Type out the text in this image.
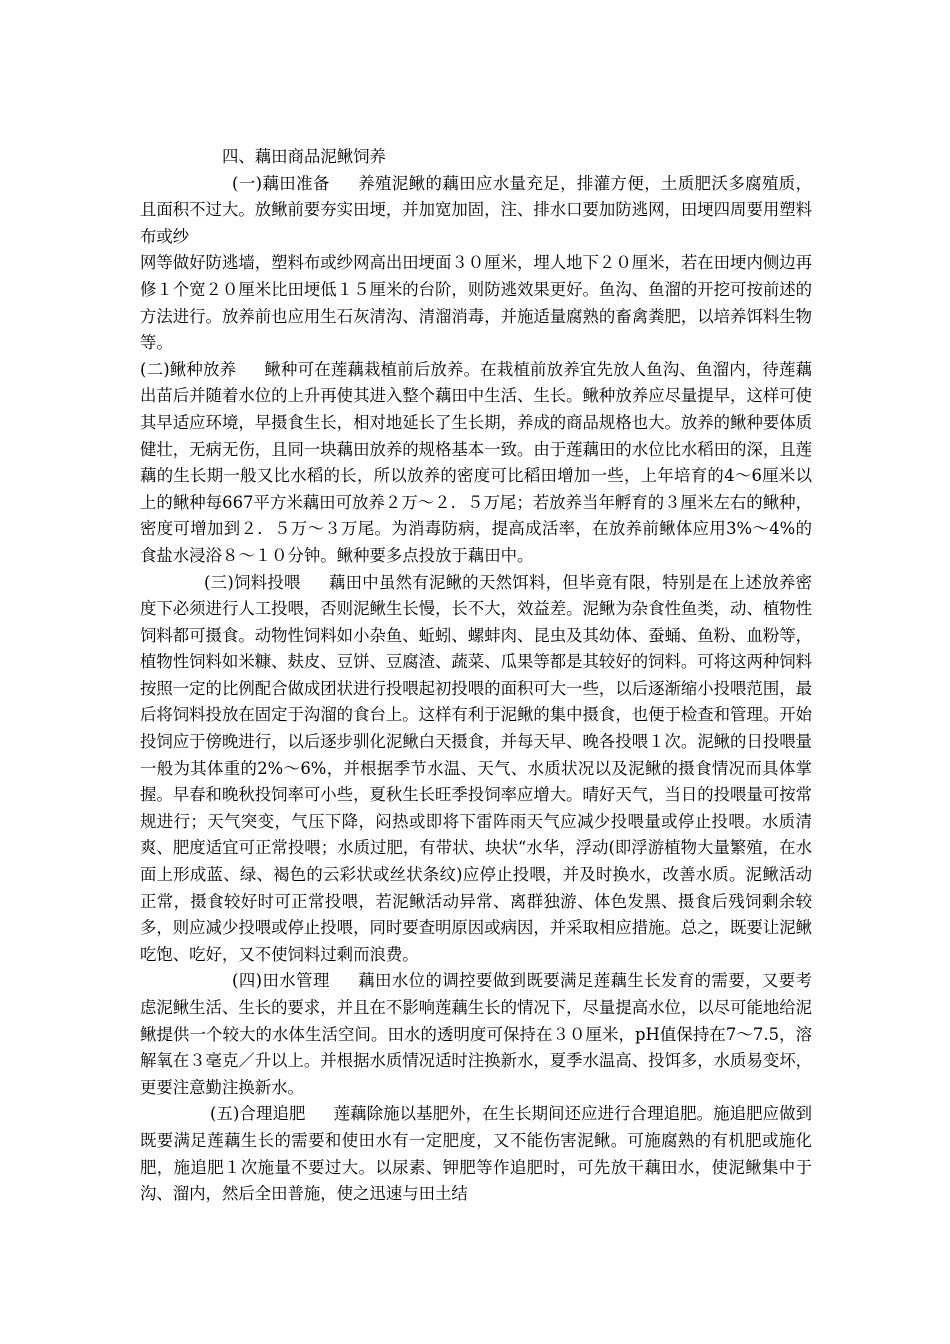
四、藕田商品泥鳅饲养

(一)藕田准备 养殖泥鳅的藕田应水量充足，排灌方便，土质肥沃多腐殖质，且面积不过大。放鳅前要夯实田埂，并加宽加固，注、排水口要加防逃网，田埂四周要用塑料布或纱

网等做好防逃墙，塑料布或纱网高出田埂面３０厘米，埋人地下２０厘米，若在田埂内侧边再修１个宽２０厘米比田埂低１５厘米的台阶，则防逃效果更好。鱼沟、鱼溜的开挖可按前述的方法进行。放养前也应用生石灰清沟、清溜消毒，并施适量腐熟的畜禽粪肥，以培养饵料生物等。

(二)鳅种放养 鳅种可在莲藕栽植前后放养。在栽植前放养宜先放人鱼沟、鱼溜内，待莲藕出苗后并随着水位的上升再使其进入整个藕田中生活、生长。鳅种放养应尽量提早，这样可使其早适应环境，早摄食生长，相对地延长了生长期，养成的商品规格也大。放养的鳅种要体质健壮，无病无伤，且同一块藕田放养的规格基本一致。由于莲藕田的水位比水稻田的深，且莲藕的生长期一般又比水稻的长，所以放养的密度可比稻田增加一些，上年培育的4～6厘米以上的鳅种每667平方米藕田可放养２万～２．５万尾；若放养当年孵育的３厘米左右的鳅种，密度可增加到２．５万～３万尾。为消毒防病，提高成活率，在放养前鳅体应用3%～4%的食盐水浸浴８～１０分钟。鳅种要多点投放于藕田中。

(三)饲料投喂 藕田中虽然有泥鳅的天然饵料，但毕竟有限，特别是在上述放养密度下必须进行人工投喂，否则泥鳅生长慢，长不大，效益差。泥鳅为杂食性鱼类，动、植物性饲料都可摄食。动物性饲料如小杂鱼、蚯蚓、螺蚌肉、昆虫及其幼体、蚕蛹、鱼粉、血粉等，植物性饲料如米糠、麸皮、豆饼、豆腐渣、蔬菜、瓜果等都是其较好的饲料。可将这两种饲料按照一定的比例配合做成团状进行投喂起初投喂的面积可大一些，以后逐渐缩小投喂范围，最后将饲料投放在固定于沟溜的食台上。这样有利于泥鳅的集中摄食，也便于检查和管理。开始投饲应于傍晚进行，以后逐步驯化泥鳅白天摄食，并每天早、晚各投喂１次。泥鳅的日投喂量一般为其体重的2%～6%，并根据季节水温、天气、水质状况以及泥鳅的摄食情况而具体掌握。早春和晚秋投饲率可小些，夏秋生长旺季投饲率应增大。晴好天气，当日的投喂量可按常规进行；天气突变，气压下降，闷热或即将下雷阵雨天气应减少投喂量或停止投喂。水质清爽、肥度适宜可正常投喂；水质过肥，有带状、块状“水华，浮动(即浮游植物大量繁殖，在水面上形成蓝、绿、褐色的云彩状或丝状条纹)应停止投喂，并及时换水，改善水质。泥鳅活动正常，摄食较好时可正常投喂，若泥鳅活动异常、离群独游、体色发黑、摄食后残饲剩余较多，则应减少投喂或停止投喂，同时要查明原因或病因，并采取相应措施。总之，既要让泥鳅吃饱、吃好，又不使饲料过剩而浪费。

(四)田水管理 藕田水位的调控要做到既要满足莲藕生长发育的需要，又要考虑泥鳅生活、生长的要求，并且在不影响莲藕生长的情况下，尽量提高水位，以尽可能地给泥鳅提供一个较大的水体生活空间。田水的透明度可保持在３０厘米，pH值保持在7～7.5，溶解氧在３毫克／升以上。并根据水质情况适时注换新水，夏季水温高、投饵多，水质易变坏，更要注意勤注换新水。

(五)合理追肥 莲藕除施以基肥外，在生长期间还应进行合理追肥。施追肥应做到既要满足莲藕生长的需要和使田水有一定肥度，又不能伤害泥鳅。可施腐熟的有机肥或施化肥，施追肥１次施量不要过大。以尿素、钾肥等作追肥时，可先放干藕田水，使泥鳅集中于沟、溜内，然后全田普施，使之迅速与田土结
